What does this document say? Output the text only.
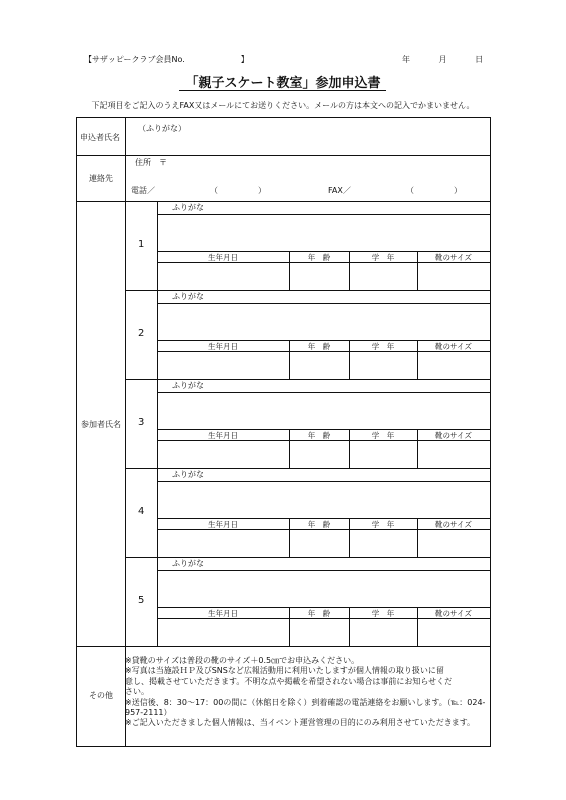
【サザッピークラブ会員No.　　　　　　　】	年	月	日
「親子スケート教室」参加申込書
下記項目をご記入のうえFAX又はメールにてお送りください。メールの方は本文への記入でかまいません。
申込者氏名
（ふりがな）
連絡先
住所　〒
電話／	（　　　　　）	FAX／	（　　　　　）
参加者氏名
1
ふりがな
生年月日	年　齢	学　年	靴のサイズ
2
ふりがな
生年月日	年　齢	学　年	靴のサイズ
3
ふりがな
生年月日	年　齢	学　年	靴のサイズ
4
ふりがな
生年月日	年　齢	学　年	靴のサイズ
5
ふりがな
生年月日	年　齢	学　年	靴のサイズ
その他
※貸靴のサイズは普段の靴のサイズ＋0.5㎝でお申込みください。
※写真は当施設ＨＰ及びSNSなど広報活動用に利用いたしますが個人情報の取り扱いに留
意し、掲載させていただきます。不明な点や掲載を希望されない場合は事前にお知らせくだ
さい。
※送信後、8：30～17：00の間に（休館日を除く）到着確認の電話連絡をお願いします。（℡：024-957-2111）
※ご記入いただきました個人情報は、当イベント運営管理の目的にのみ利用させていただきます。
